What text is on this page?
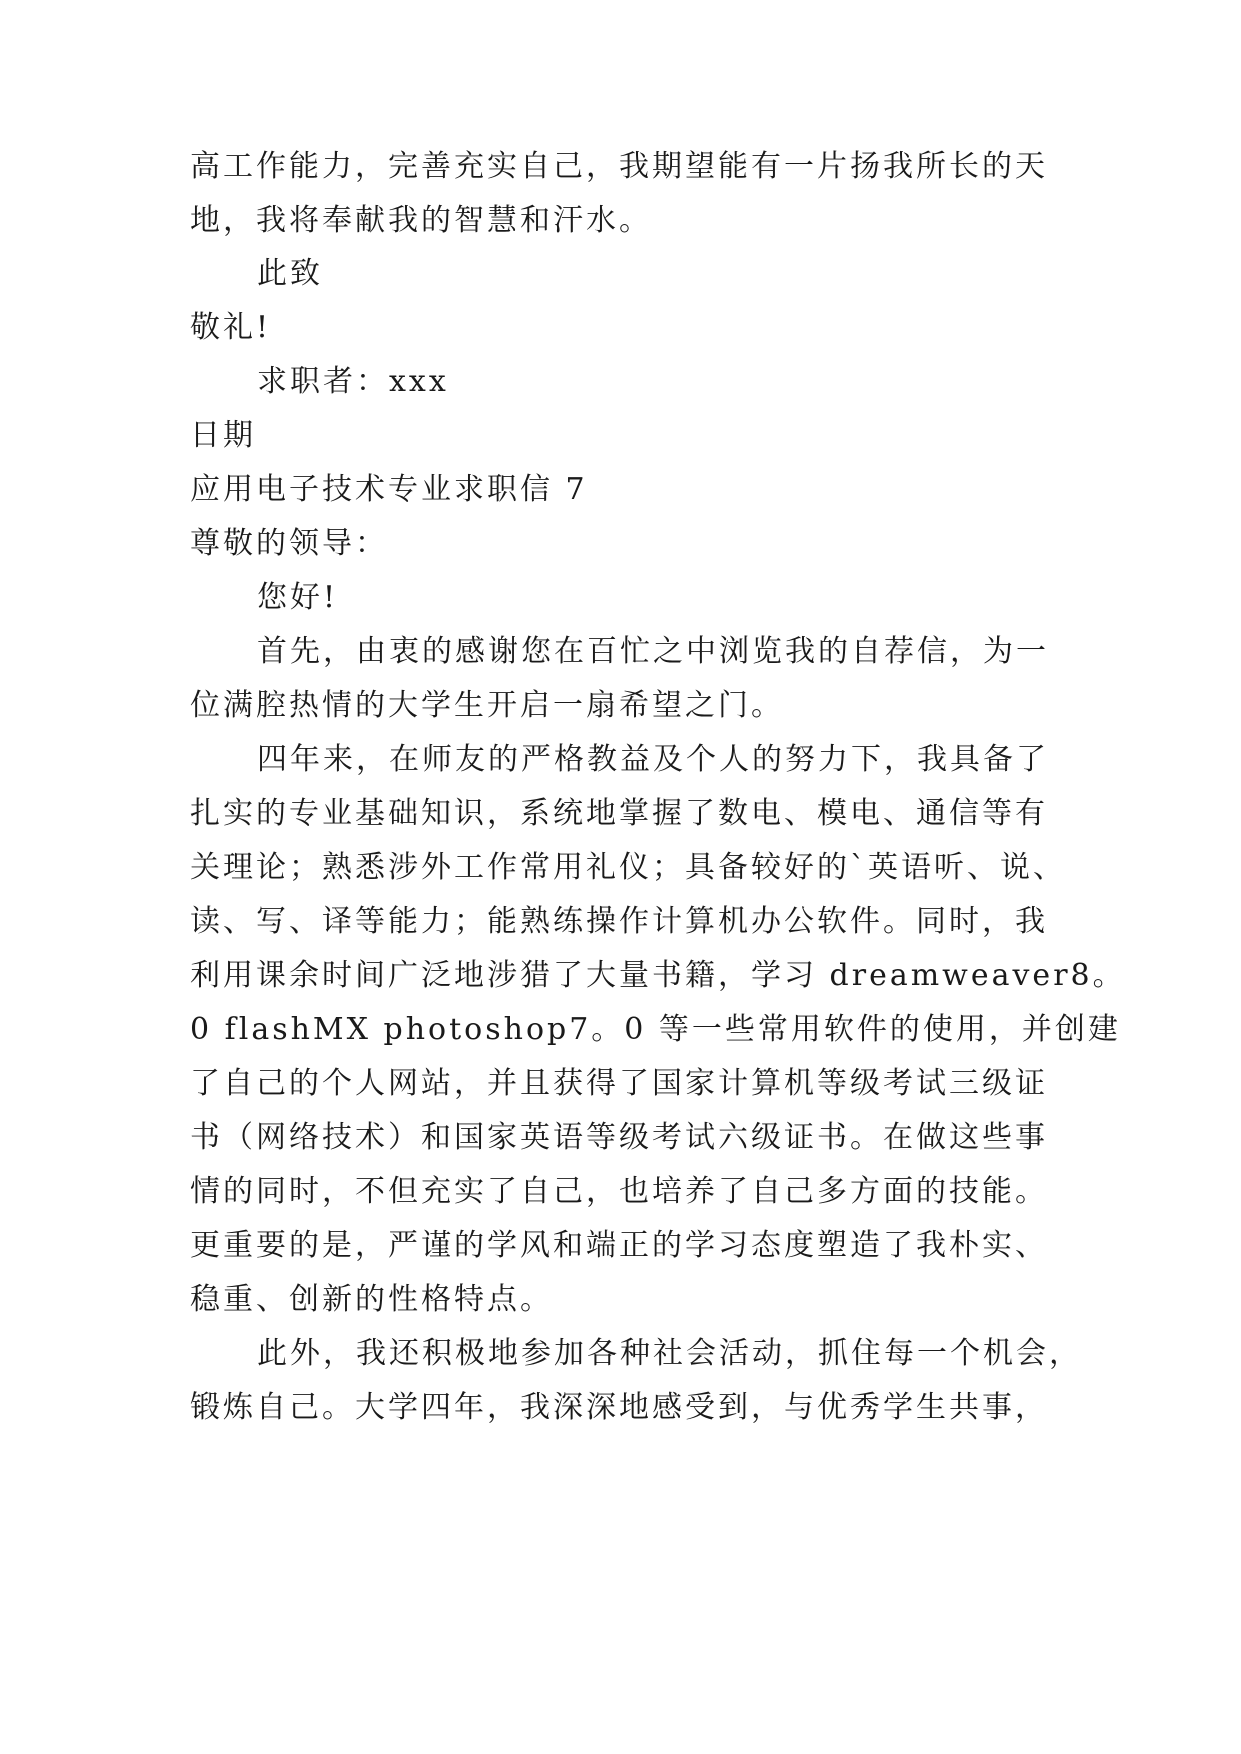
高工作能力，完善充实自己，我期望能有一片扬我所长的天
地，我将奉献我的智慧和汗水。
此致
敬礼!
求职者：xxx
日期
应用电子技术专业求职信 7
尊敬的领导：
您好!
首先，由衷的感谢您在百忙之中浏览我的自荐信，为一
位满腔热情的大学生开启一扇希望之门。
四年来，在师友的严格教益及个人的努力下，我具备了
扎实的专业基础知识，系统地掌握了数电、模电、通信等有
关理论；熟悉涉外工作常用礼仪；具备较好的`英语听、说、
读、写、译等能力；能熟练操作计算机办公软件。同时，我
利用课余时间广泛地涉猎了大量书籍，学习 dreamweaver8。
0 flashMX photoshop7。0 等一些常用软件的使用，并创建
了自己的个人网站，并且获得了国家计算机等级考试三级证
书（网络技术）和国家英语等级考试六级证书。在做这些事
情的同时，不但充实了自己，也培养了自己多方面的技能。
更重要的是，严谨的学风和端正的学习态度塑造了我朴实、
稳重、创新的性格特点。
此外，我还积极地参加各种社会活动，抓住每一个机会，
锻炼自己。大学四年，我深深地感受到，与优秀学生共事，
